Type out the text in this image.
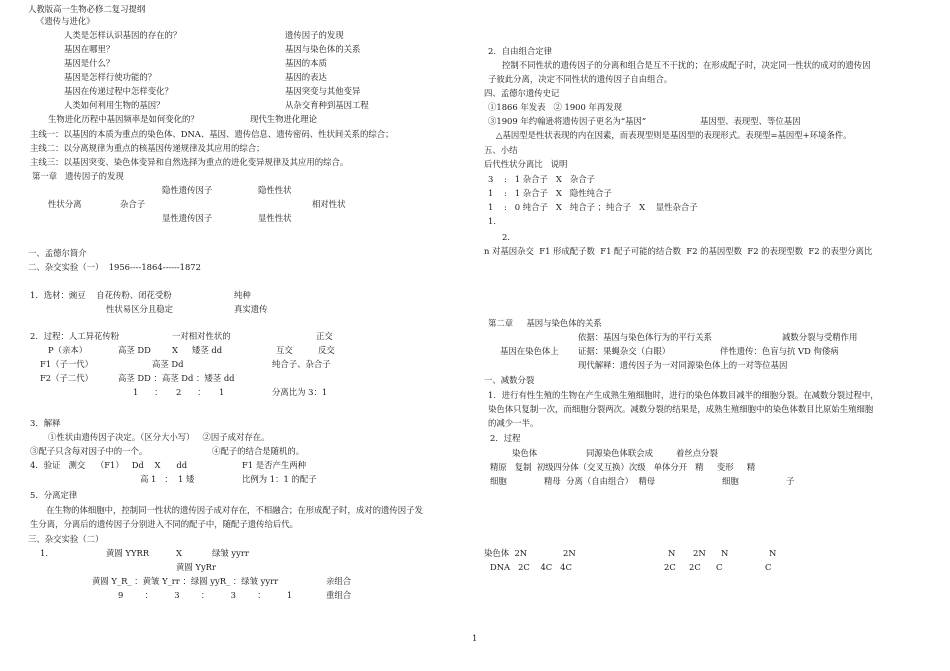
人教版高一生物必修二复习提纲
《遗传与进化》
人类是怎样认识基因的存在的？	遗传因子的发现
基因在哪里？	基因与染色体的关系
基因是什么？	基因的本质
基因是怎样行使功能的？	基因的表达
基因在传递过程中怎样变化？	基因突变与其他变异
人类如何利用生物的基因？	从杂交育种到基因工程
生物进化历程中基因频率是如何变化的？	现代生物进化理论
主线一：以基因的本质为重点的染色体、DNA、基因、遗传信息、遗传密码、性状间关系的综合；
主线二：以分离规律为重点的核基因传递规律及其应用的综合；
主线三：以基因突变、染色体变异和自然选择为重点的进化变异规律及其应用的综合。
第一章   遗传因子的发现
隐性遗传因子	隐性性状
性状分离	杂合子	相对性状
显性遗传因子	显性性状
一、孟德尔简介
二、杂交实验（一）  1956----1864------1872
1．选材：豌豆    自花传粉、闭花受粉	纯种
性状易区分且稳定	真实遗传
2．过程：人工异花传粉	一对相对性状的	正交
P（亲本）	高茎 DD	X 矮茎 dd	互交	反交
F1（子一代）	高茎 Dd	纯合子、杂合子
F2（子二代）	高茎 DD ：高茎 Dd ：矮茎 dd
1      ：     2      ：     1	分离比为 3：1
3．解释
①性状由遗传因子决定。（区分大小写）   ②因子成对存在。
③配子只含每对因子中的一个。	④配子的结合是随机的。
4．验证   测交    （F1）   Dd    X      dd	F1 是否产生两种
高 1   ：  1 矮	比例为 1：1 的配子
5．分离定律
在生物的体细胞中，控制同一性状的遗传因子成对存在，不相融合；在形成配子时，成对的遗传因子发
生分离，分离后的遗传因子分别进入不同的配子中，随配子遗传给后代。
三、杂交实验（二）
1．	黄圆 YYRR	X	绿皱 yyrr
黄圆 YyRr
黄圆 Y_R_ ：黄皱 Y_rr ：绿圆 yyR_ ：绿皱 yyrr	亲组合
9        ：        3        ：        3        ：        1	重组合
2．自由组合定律
控制不同性状的遗传因子的分离和组合是互不干扰的；在形成配子时，决定同一性状的成对的遗传因
子彼此分离，决定不同性状的遗传因子自由组合。
四、孟德尔遗传史记
①1866 年发表   ② 1900 年再发现
③1909 年约翰逊将遗传因子更名为“基因”	基因型、表现型、等位基因
△基因型是性状表现的内在因素，而表现型则是基因型的表现形式。表现型=基因型+环境条件。
五、小结
后代性状分离比   说明
3    :   1 杂合子   X   杂合子
1    :   1 杂合子   X   隐性纯合子
1    :   0 纯合子   X   纯合子 ；纯合子   X    显性杂合子
1．
2．
n 对基因杂交  F1 形成配子数  F1 配子可能的结合数  F2 的基因型数  F2 的表现型数  F2 的表型分离比
第二章     基因与染色体的关系
依据：基因与染色体行为的平行关系	减数分裂与受精作用
基因在染色体上 证据：果蝇杂交（白眼）	伴性遗传：色盲与抗 VD 佝偻病
现代解释：遗传因子为一对同源染色体上的一对等位基因
一、减数分裂
1．进行有性生殖的生物在产生成熟生殖细胞时，进行的染色体数目减半的细胞分裂。在减数分裂过程中，
染色体只复制一次，而细胞分裂两次。减数分裂的结果是，成熟生殖细胞中的染色体数目比原始生殖细胞
的减少一半。
2．过程
染色体	同源染色体联会成	着丝点分裂
精原   复制  初级四分体（交叉互换）次级   单体分开   精     变形     精
细胞	精母  分离（自由组合）  精母	细胞	子
染色体  2N	2N	N 2N N	N
DNA   2C    4C   4C	2C 2C C	C
1
